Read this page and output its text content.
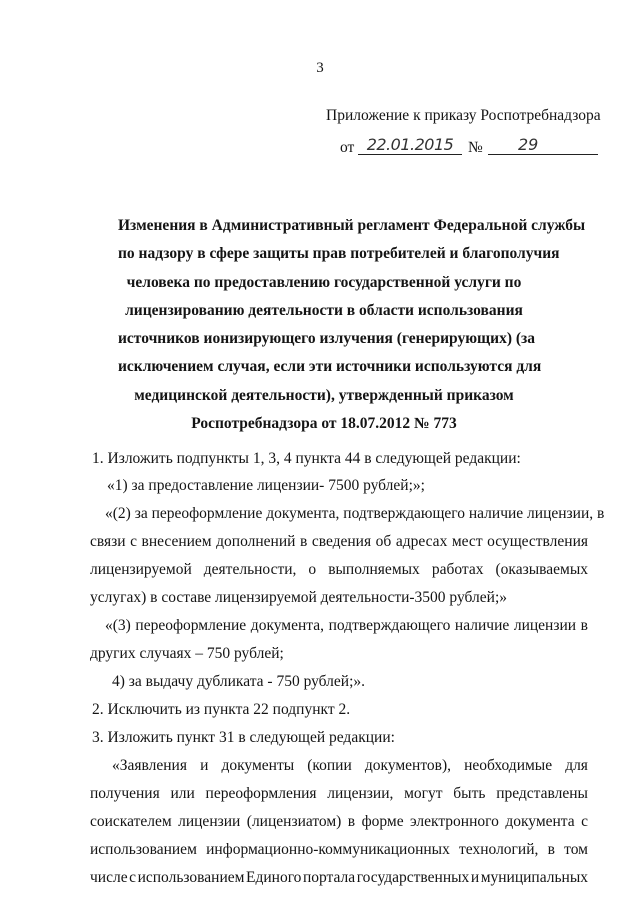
3
Приложение к приказу Роспотребнадзора
от 22.01.2015 №	29
Изменения в Административный регламент Федеральной службы
по надзору в сфере защиты прав потребителей и благополучия
человека по предоставлению государственной услуги по
лицензированию деятельности в области использования
источников ионизирующего излучения (генерирующих) (за
исключением случая, если эти источники используются для
медицинской деятельности), утвержденный приказом
Роспотребнадзора от 18.07.2012 № 773
1. Изложить подпункты 1, 3, 4 пункта 44 в следующей редакции:
«1) за предоставление лицензии- 7500 рублей;»;
«(2) за переоформление документа, подтверждающего наличие лицензии, в
связи с внесением дополнений в сведения об адресах мест осуществления
лицензируемой деятельности, о выполняемых работах (оказываемых
услугах) в составе лицензируемой деятельности-3500 рублей;»
«(3) переоформление документа, подтверждающего наличие лицензии в
других случаях – 750 рублей;
4) за выдачу дубликата - 750 рублей;».
2. Исключить из пункта 22 подпункт 2.
3. Изложить пункт 31 в следующей редакции:
«Заявления и документы (копии документов), необходимые для
получения или переоформления лицензии, могут быть представлены
соискателем лицензии (лицензиатом) в форме электронного документа с
использованием информационно-коммуникационных технологий, в том
числе с использованием Единого портала государственных и муниципальных
